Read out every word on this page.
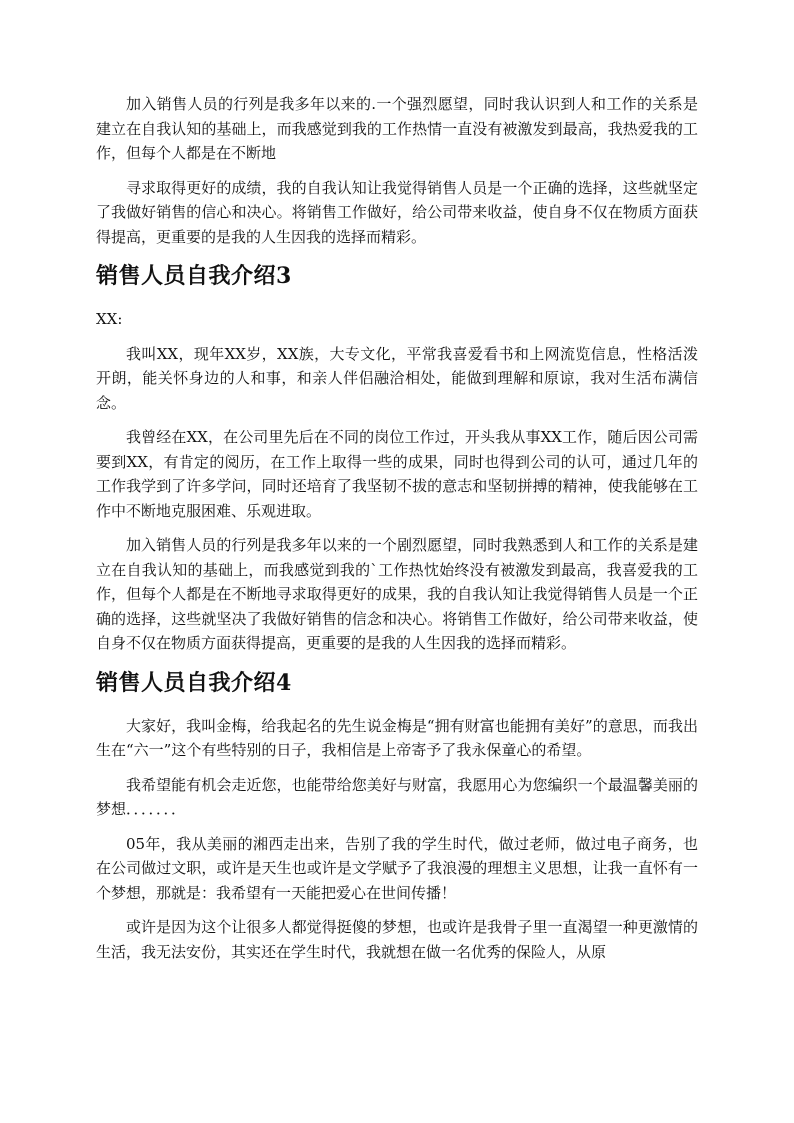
加入销售人员的行列是我多年以来的.一个强烈愿望，同时我认识到人和工作的关系是建立在自我认知的基础上，而我感觉到我的工作热情一直没有被激发到最高，我热爱我的工作，但每个人都是在不断地

寻求取得更好的成绩，我的自我认知让我觉得销售人员是一个正确的选择，这些就坚定了我做好销售的信心和决心。将销售工作做好，给公司带来收益，使自身不仅在物质方面获得提高，更重要的是我的人生因我的选择而精彩。

销售人员自我介绍3

XX:

我叫XX，现年XX岁，XX族，大专文化，平常我喜爱看书和上网流览信息，性格活泼开朗，能关怀身边的人和事，和亲人伴侣融洽相处，能做到理解和原谅，我对生活布满信念。

我曾经在XX，在公司里先后在不同的岗位工作过，开头我从事XX工作，随后因公司需要到XX，有肯定的阅历，在工作上取得一些的成果，同时也得到公司的认可，通过几年的工作我学到了许多学问，同时还培育了我坚韧不拔的意志和坚韧拼搏的精神，使我能够在工作中不断地克服困难、乐观进取。

加入销售人员的行列是我多年以来的一个剧烈愿望，同时我熟悉到人和工作的关系是建立在自我认知的基础上，而我感觉到我的`工作热忱始终没有被激发到最高，我喜爱我的工作，但每个人都是在不断地寻求取得更好的成果，我的自我认知让我觉得销售人员是一个正确的选择，这些就坚决了我做好销售的信念和决心。将销售工作做好，给公司带来收益，使自身不仅在物质方面获得提高，更重要的是我的人生因我的选择而精彩。

销售人员自我介绍4

大家好，我叫金梅，给我起名的先生说金梅是“拥有财富也能拥有美好”的意思，而我出生在“六一”这个有些特别的日子，我相信是上帝寄予了我永保童心的希望。

我希望能有机会走近您，也能带给您美好与财富，我愿用心为您编织一个最温馨美丽的梦想．．．．．．．

05年，我从美丽的湘西走出来，告别了我的学生时代，做过老师，做过电子商务，也在公司做过文职，或许是天生也或许是文学赋予了我浪漫的理想主义思想，让我一直怀有一个梦想，那就是：我希望有一天能把爱心在世间传播！

或许是因为这个让很多人都觉得挺傻的梦想，也或许是我骨子里一直渴望一种更激情的生活，我无法安份，其实还在学生时代，我就想在做一名优秀的保险人，从原
